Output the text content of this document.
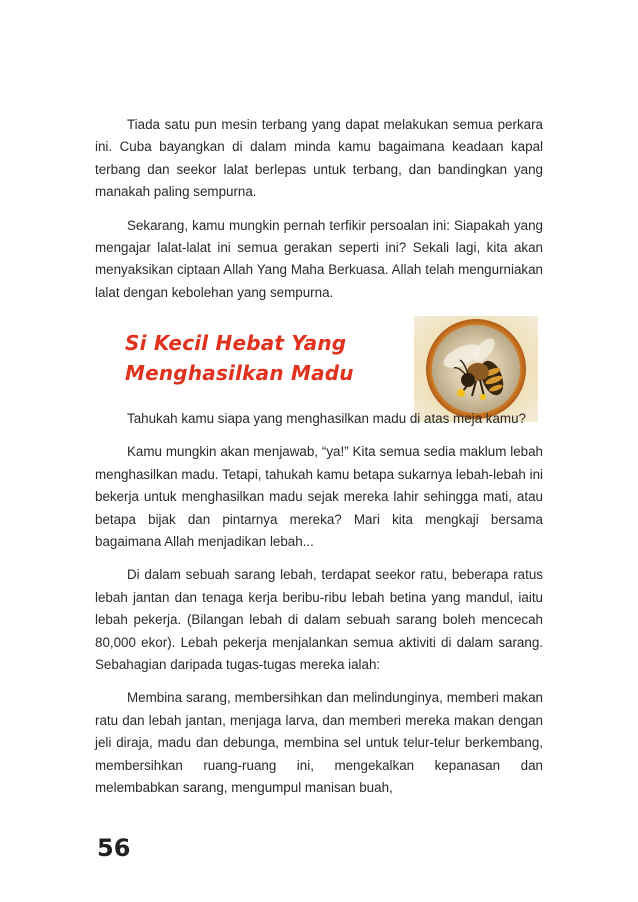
Tiada satu pun mesin terbang yang dapat melakukan semua perkara ini. Cuba bayangkan di dalam minda kamu bagaimana keadaan kapal terbang dan seekor lalat berlepas untuk terbang, dan bandingkan yang manakah paling sempurna.

Sekarang, kamu mungkin pernah terfikir persoalan ini: Siapakah yang mengajar lalat-lalat ini semua gerakan seperti ini? Sekali lagi, kita akan menyaksikan ciptaan Allah Yang Maha Berkuasa. Allah telah mengurniakan lalat dengan kebolehan yang sempurna.

Si Kecil Hebat Yang
Menghasilkan Madu

Tahukah kamu siapa yang menghasilkan madu di atas meja kamu?

Kamu mungkin akan menjawab, “ya!” Kita semua sedia maklum lebah menghasilkan madu. Tetapi, tahukah kamu betapa sukarnya lebah-lebah ini bekerja untuk menghasilkan madu sejak mereka lahir sehingga mati, atau betapa bijak dan pintarnya mereka? Mari kita mengkaji bersama bagaimana Allah menjadikan lebah...

Di dalam sebuah sarang lebah, terdapat seekor ratu, beberapa ratus lebah jantan dan tenaga kerja beribu-ribu lebah betina yang mandul, iaitu lebah pekerja. (Bilangan lebah di dalam sebuah sarang boleh mencecah 80,000 ekor). Lebah pekerja menjalankan semua aktiviti di dalam sarang. Sebahagian daripada tugas-tugas mereka ialah:

Membina sarang, membersihkan dan melindunginya, memberi makan ratu dan lebah jantan, menjaga larva, dan memberi mereka makan dengan jeli diraja, madu dan debunga, membina sel untuk telur-telur berkembang, membersihkan ruang-ruang ini, mengekalkan kepanasan dan melembabkan sarang, mengumpul manisan buah,

56
